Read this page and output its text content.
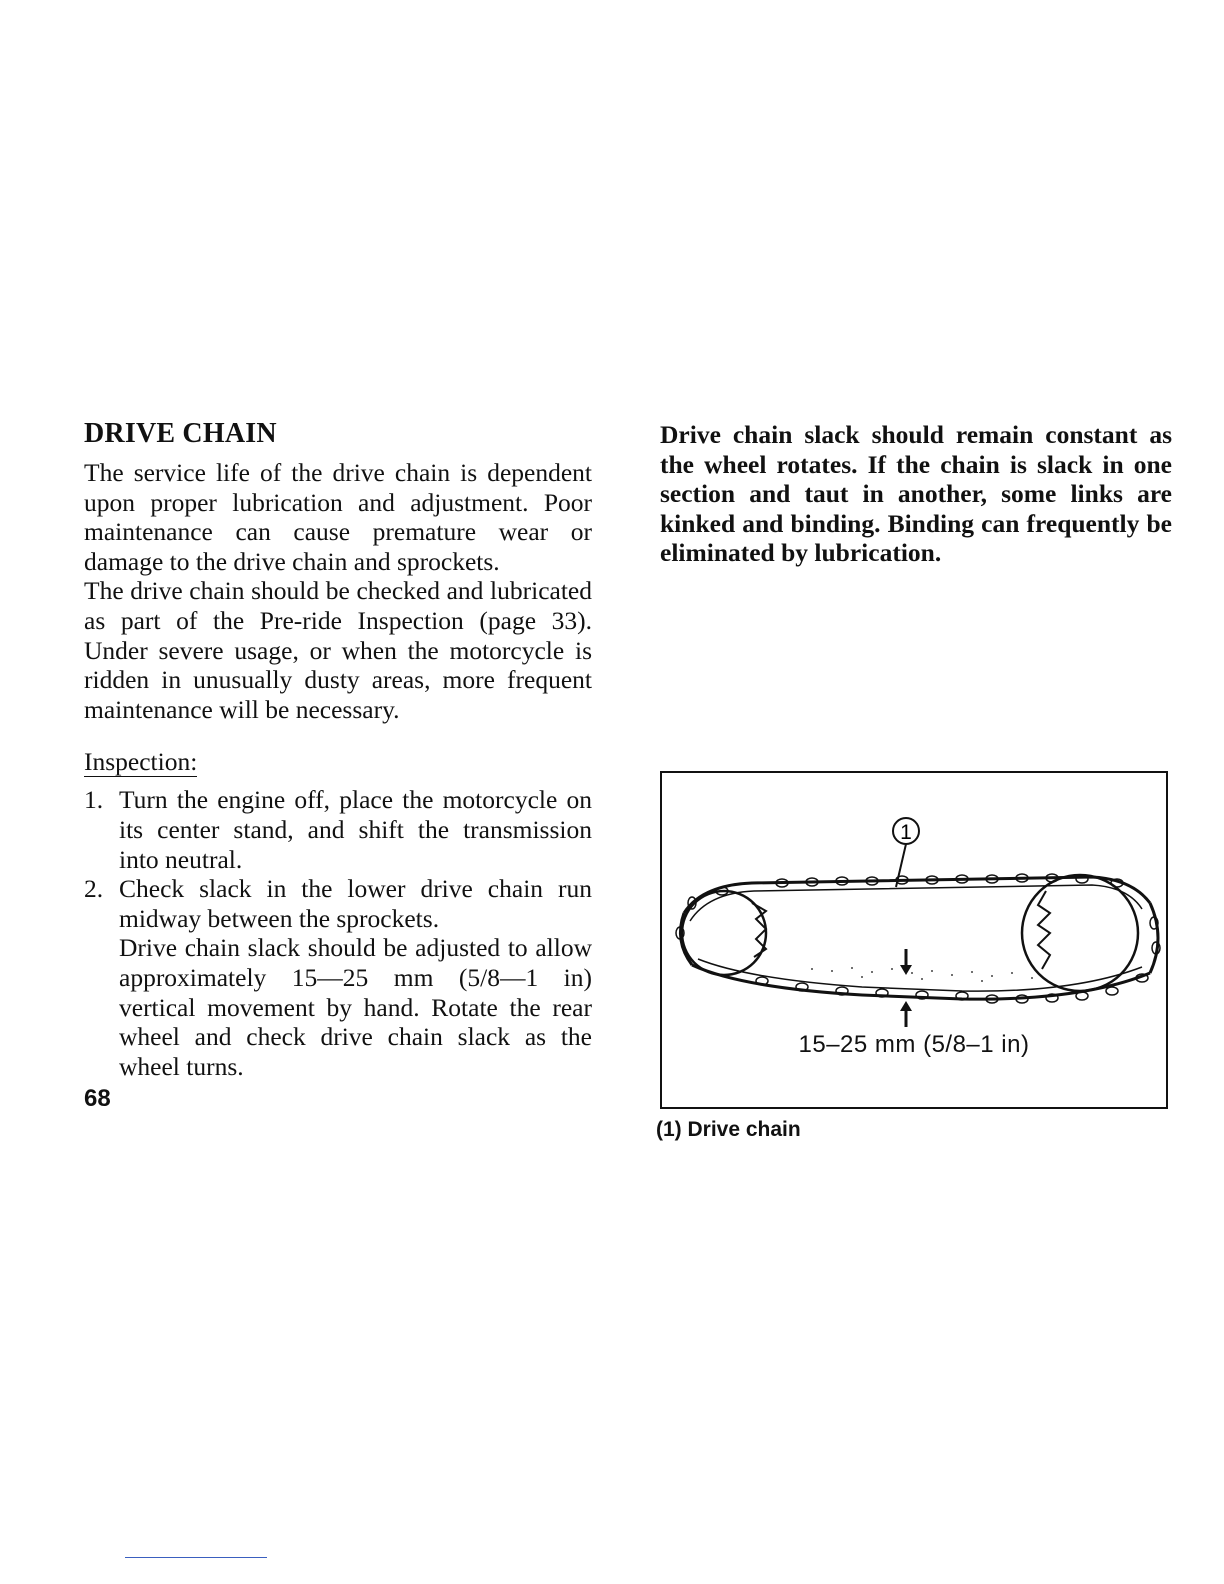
DRIVE CHAIN

The service life of the drive chain is dependent upon proper lubrication and adjustment. Poor maintenance can cause premature wear or damage to the drive chain and sprockets.

The drive chain should be checked and lubricated as part of the Pre-ride Inspection (page 33). Under severe usage, or when the motorcycle is ridden in unusually dusty areas, more frequent maintenance will be necessary.

Inspection:
1. Turn the engine off, place the motorcycle on its center stand, and shift the transmission into neutral.
2. Check slack in the lower drive chain run midway between the sprockets.
Drive chain slack should be adjusted to allow approximately 15—25 mm (5/8—1 in) vertical movement by hand. Rotate the rear wheel and check drive chain slack as the wheel turns.
68

Drive chain slack should remain constant as the wheel rotates. If the chain is slack in one section and taut in another, some links are kinked and binding. Binding can frequently be eliminated by lubrication.

1
15–25 mm (5/8–1 in)
(1) Drive chain
